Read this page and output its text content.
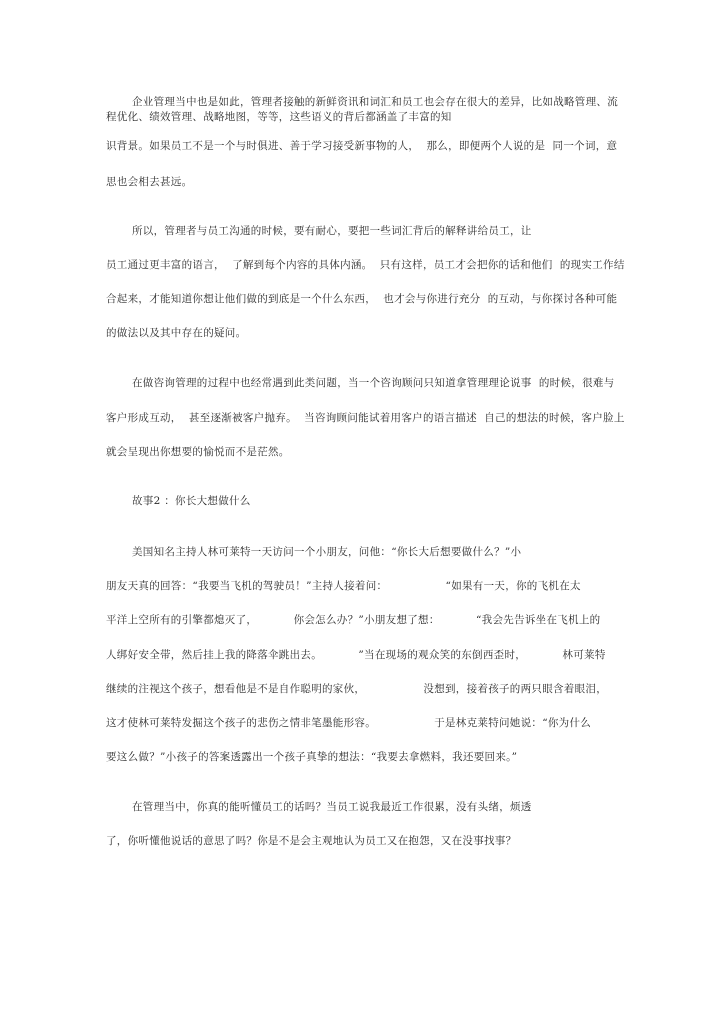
企业管理当中也是如此，管理者接触的新鲜资讯和词汇和员工也会存在很大的差异，比如战略管理、流
程优化、绩效管理、战略地图，等等，这些语义的背后都涵盖了丰富的知
识背景。如果员工不是一个与时俱进、善于学习接受新事物的人，  那么，即便两个人说的是  同一个词，意
思也会相去甚远。
所以，管理者与员工沟通的时候，要有耐心，要把一些词汇背后的解释讲给员工，让
员工通过更丰富的语言，  了解到每个内容的具体内涵。  只有这样，员工才会把你的话和他们  的现实工作结
合起来，才能知道你想让他们做的到底是一个什么东西，  也才会与你进行充分  的互动，与你探讨各种可能
的做法以及其中存在的疑问。
在做咨询管理的过程中也经常遇到此类问题，当一个咨询顾问只知道拿管理理论说事  的时候，很难与
客户形成互动，  甚至逐渐被客户抛弃。  当咨询顾问能试着用客户的语言描述  自己的想法的时候，客户脸上
就会呈现出你想要的愉悦而不是茫然。
故事2 ：你长大想做什么
美国知名主持人林可莱特一天访问一个小朋友，问他：“你长大后想要做什么？”小
朋友天真的回答：“我要当飞机的驾驶员！”主持人接着问：                “如果有一天，你的飞机在太
平洋上空所有的引擎都熄灭了，          你会怎么办？”小朋友想了想：          “我会先告诉坐在飞机上的
人绑好安全带，然后挂上我的降落伞跳出去。          ”当在现场的观众笑的东倒西歪时，          林可莱特
继续的注视这个孩子，想看他是不是自作聪明的家伙，                没想到，接着孩子的两只眼含着眼泪，
这才使林可莱特发掘这个孩子的悲伤之情非笔墨能形容。                于是林克莱特问她说：“你为什么
要这么做？”小孩子的答案透露出一个孩子真挚的想法：“我要去拿燃料，我还要回来。”
在管理当中，你真的能听懂员工的话吗？当员工说我最近工作很累，没有头绪，烦透
了，你听懂他说话的意思了吗？你是不是会主观地认为员工又在抱怨，又在没事找事？
